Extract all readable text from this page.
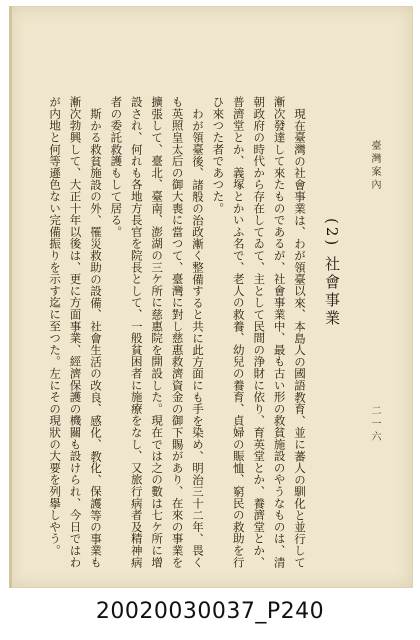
臺灣案內
二一六
(2) 社會事業

現在臺灣の社會事業は、わが領臺以來、本島人の國語教育、並に蕃人の馴化と並行して漸次發達して來たものであるが、社會事業中、最も古い形の救貧施設のやうなものは、清朝政府の時代から存在してゐて、主として民間の浄財に依り、育英堂とか、養濟堂とか、普濟堂とか、義塚とかいふ名で、老人の救養、幼兒の養育、貞婦の賑恤、窮民の救助を行ひ來つた者であつた。

わが領臺後、諸般の治政漸く整備すると共に此方面にも手を染め、明治三十二年、畏くも英照皇太后の御大喪に當つて、臺灣に對し慈惠救濟資金の御下賜があり、在來の事業を擴張して、臺北、臺南、澎湖の三ケ所に慈惠院を開設した。現在では之の數は七ケ所に增設され、何れも各地方長官を院長として、一般貧困者に施療をなし、又旅行病者及精神病者の委託救護もして居る。

斯かる救貧施設の外、罹災救助の設備、社會生活の改良、感化、教化、保護等の事業も漸次勃興して、大正十年以後は、更に方面事業、經濟保護の機關も設けられ、今日ではわが内地と何等遜色ない完備振りを示す迄に至つた。左にその現狀の大要を列擧しやう。

20020030037_P240
